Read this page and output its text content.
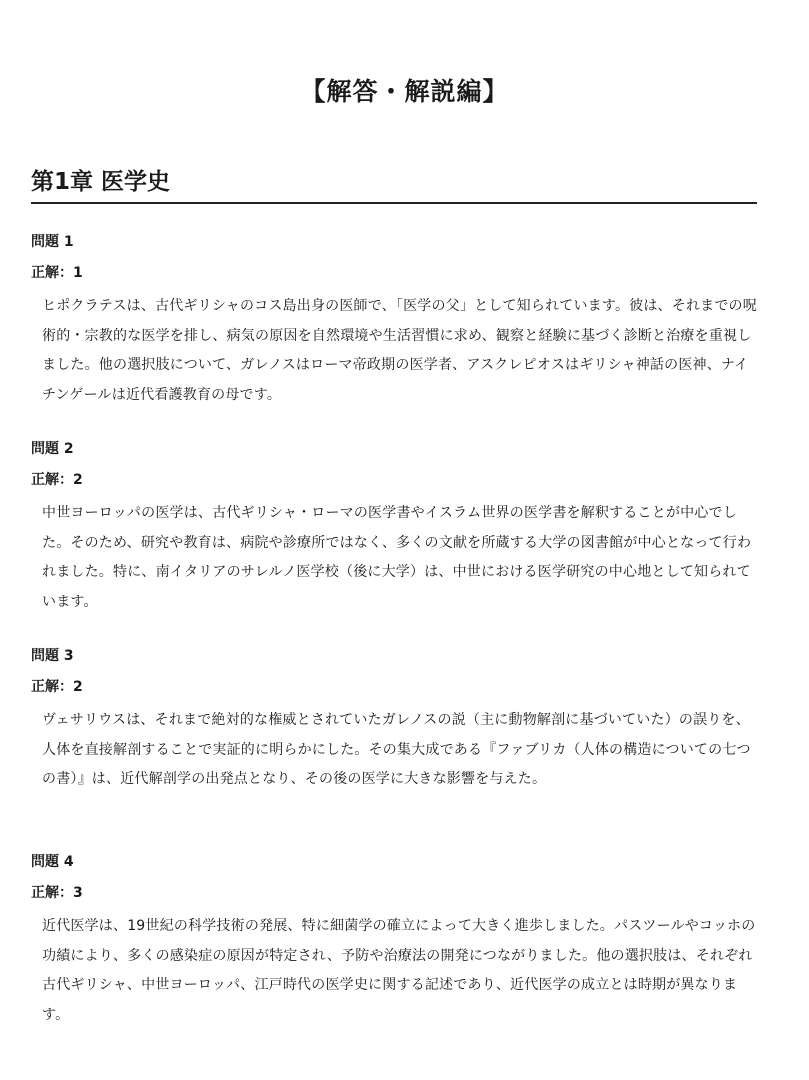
【解答・解説編】
第1章 医学史
問題 1
正解：1
ヒポクラテスは、古代ギリシャのコス島出身の医師で、「医学の父」として知られています。彼は、それまでの呪術的・宗教的な医学を排し、病気の原因を自然環境や生活習慣に求め、観察と経験に基づく診断と治療を重視しました。他の選択肢について、ガレノスはローマ帝政期の医学者、アスクレピオスはギリシャ神話の医神、ナイチンゲールは近代看護教育の母です。
問題 2
正解：2
中世ヨーロッパの医学は、古代ギリシャ・ローマの医学書やイスラム世界の医学書を解釈することが中心でした。そのため、研究や教育は、病院や診療所ではなく、多くの文献を所蔵する大学の図書館が中心となって行われました。特に、南イタリアのサレルノ医学校（後に大学）は、中世における医学研究の中心地として知られています。
問題 3
正解：2
ヴェサリウスは、それまで絶対的な権威とされていたガレノスの説（主に動物解剖に基づいていた）の誤りを、人体を直接解剖することで実証的に明らかにした。その集大成である『ファブリカ（人体の構造についての七つの書）』は、近代解剖学の出発点となり、その後の医学に大きな影響を与えた。
問題 4
正解：3
近代医学は、19世紀の科学技術の発展、特に細菌学の確立によって大きく進歩しました。パスツールやコッホの功績により、多くの感染症の原因が特定され、予防や治療法の開発につながりました。他の選択肢は、それぞれ古代ギリシャ、中世ヨーロッパ、江戸時代の医学史に関する記述であり、近代医学の成立とは時期が異なります。
